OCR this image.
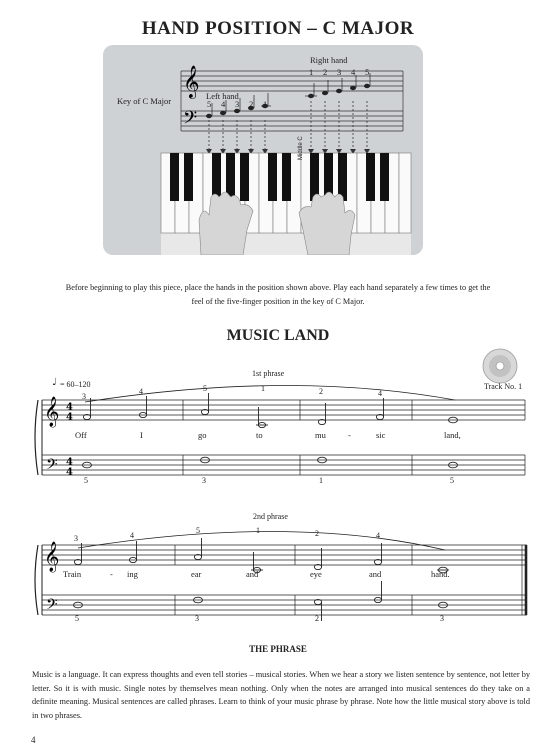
HAND POSITION – C MAJOR
𝄞
𝄢
Right hand
1 2 3 4 5
Left hand
5 4 3 2 1
Key of C Major
Middle C
Before beginning to play this piece, place the hands in the position shown above. Play each hand separately a few times to get the feel of the five-finger position in the key of C Major.
MUSIC LAND
Track No. 1
♩ = 60–120
1st phrase
𝄞
𝄢
4
4
4
4
𝄞
𝄢
3
4	5	1	2	4
Off	I	go	to	mu	-	sic	land,
5	3	1	5
2nd phrase
3	4
5	1	2	4
Train	- ing	ear	and	eye	and	hand.
5	3	2	3
THE PHRASE
Music is a language. It can express thoughts and even tell stories – musical stories. When we hear a story we listen sentence by sentence, not letter by letter. So it is with music. Single notes by themselves mean nothing. Only when the notes are arranged into musical sentences do they take on a definite meaning. Musical sentences are called phrases. Learn to think of your music phrase by phrase. Note how the little musical story above is told in two phrases.
4
